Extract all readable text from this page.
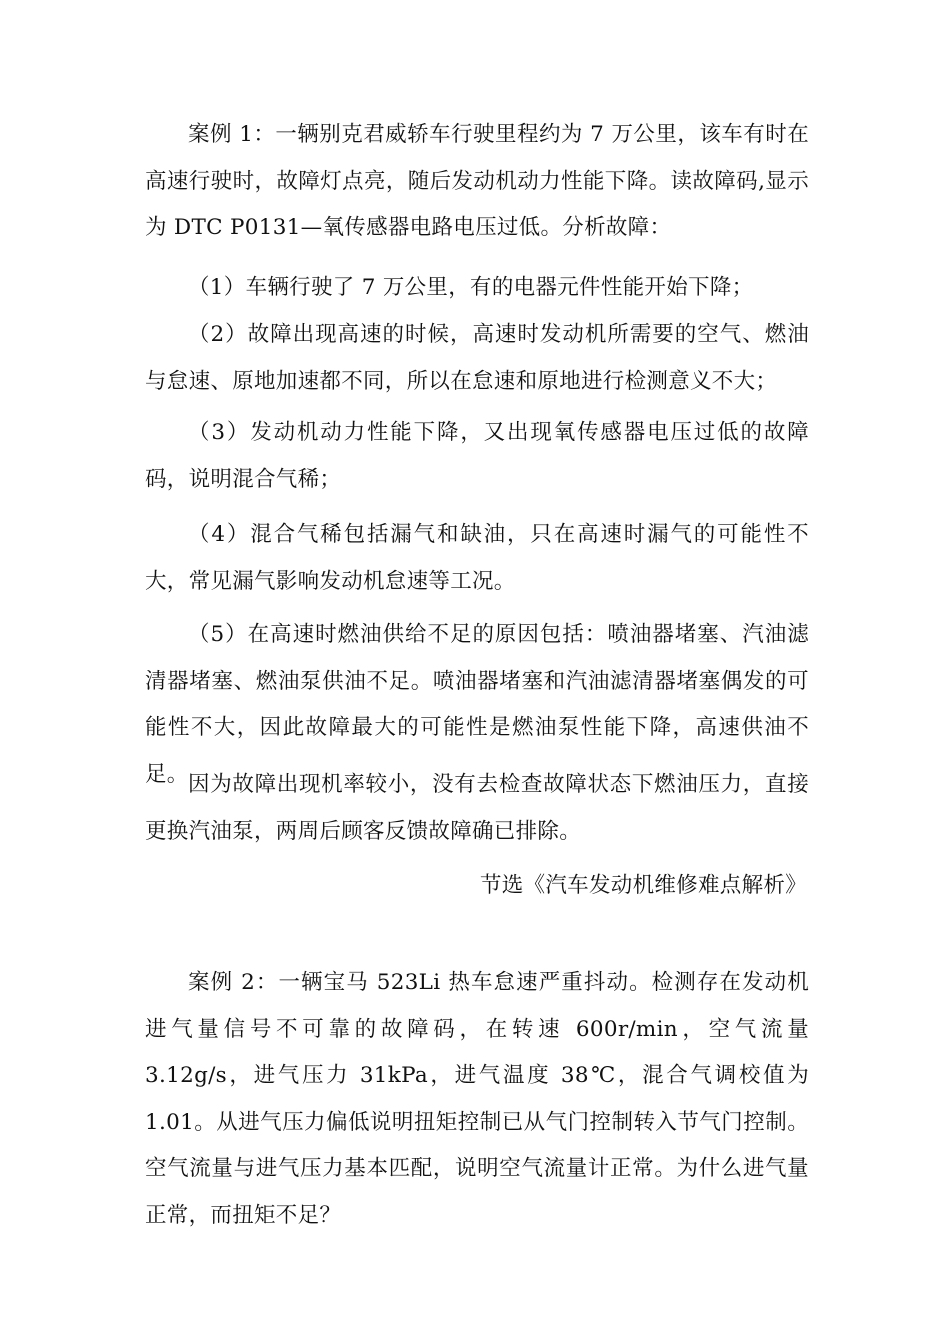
案例 1：一辆别克君威轿车行驶里程约为 7 万公里，该车有时在高速行驶时，故障灯点亮，随后发动机动力性能下降。读故障码,显示为 DTC P0131—氧传感器电路电压过低。分析故障：

（1）车辆行驶了 7 万公里，有的电器元件性能开始下降；

（2）故障出现高速的时候，高速时发动机所需要的空气、燃油与怠速、原地加速都不同，所以在怠速和原地进行检测意义不大；

（3）发动机动力性能下降，又出现氧传感器电压过低的故障码，说明混合气稀；

（4）混合气稀包括漏气和缺油，只在高速时漏气的可能性不大，常见漏气影响发动机怠速等工况。

（5）在高速时燃油供给不足的原因包括：喷油器堵塞、汽油滤清器堵塞、燃油泵供油不足。喷油器堵塞和汽油滤清器堵塞偶发的可能性不大，因此故障最大的可能性是燃油泵性能下降，高速供油不足。 因为故障出现机率较小，没有去检查故障状态下燃油压力，直接更换汽油泵，两周后顾客反馈故障确已排除。

节选《汽车发动机维修难点解析》

案例 2：一辆宝马 523Li 热车怠速严重抖动。检测存在发动机进气量信号不可靠的故障码，在转速 600r/min，空气流量 3.12g/s，进气压力 31kPa，进气温度 38℃，混合气调校值为 1.01。从进气压力偏低说明扭矩控制已从气门控制转入节气门控制。空气流量与进气压力基本匹配，说明空气流量计正常。为什么进气量正常，而扭矩不足？
